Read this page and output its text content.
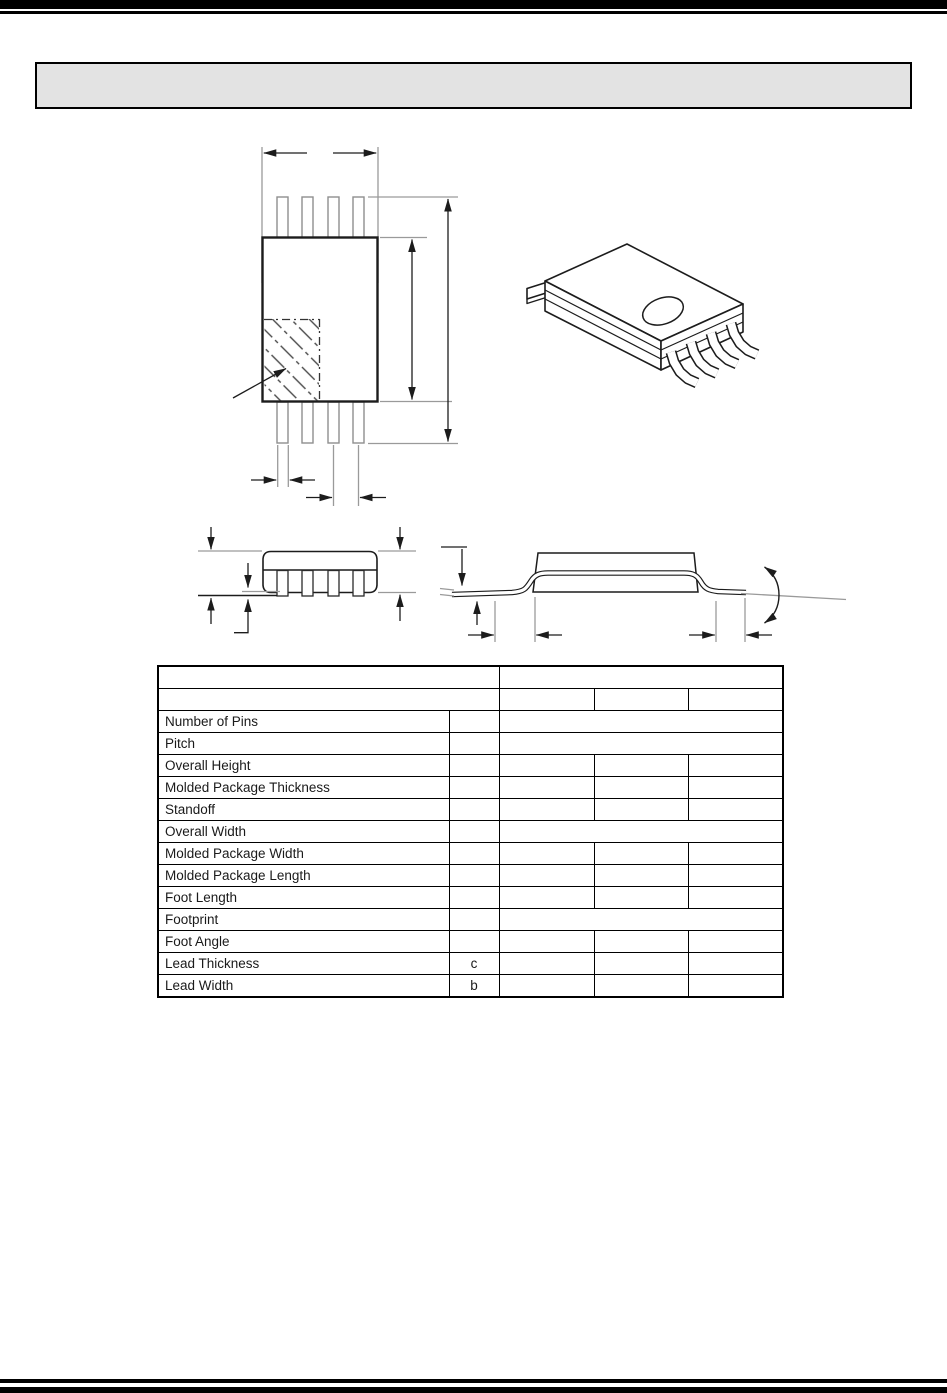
Number of Pins				
Pitch				
Overall Height				
Molded Package Thickness				
Standoff				
Overall Width				
Molded Package Width				
Molded Package Length				
Foot Length				
Footprint				
Foot Angle				
Lead Thickness	c			
Lead Width	b			
